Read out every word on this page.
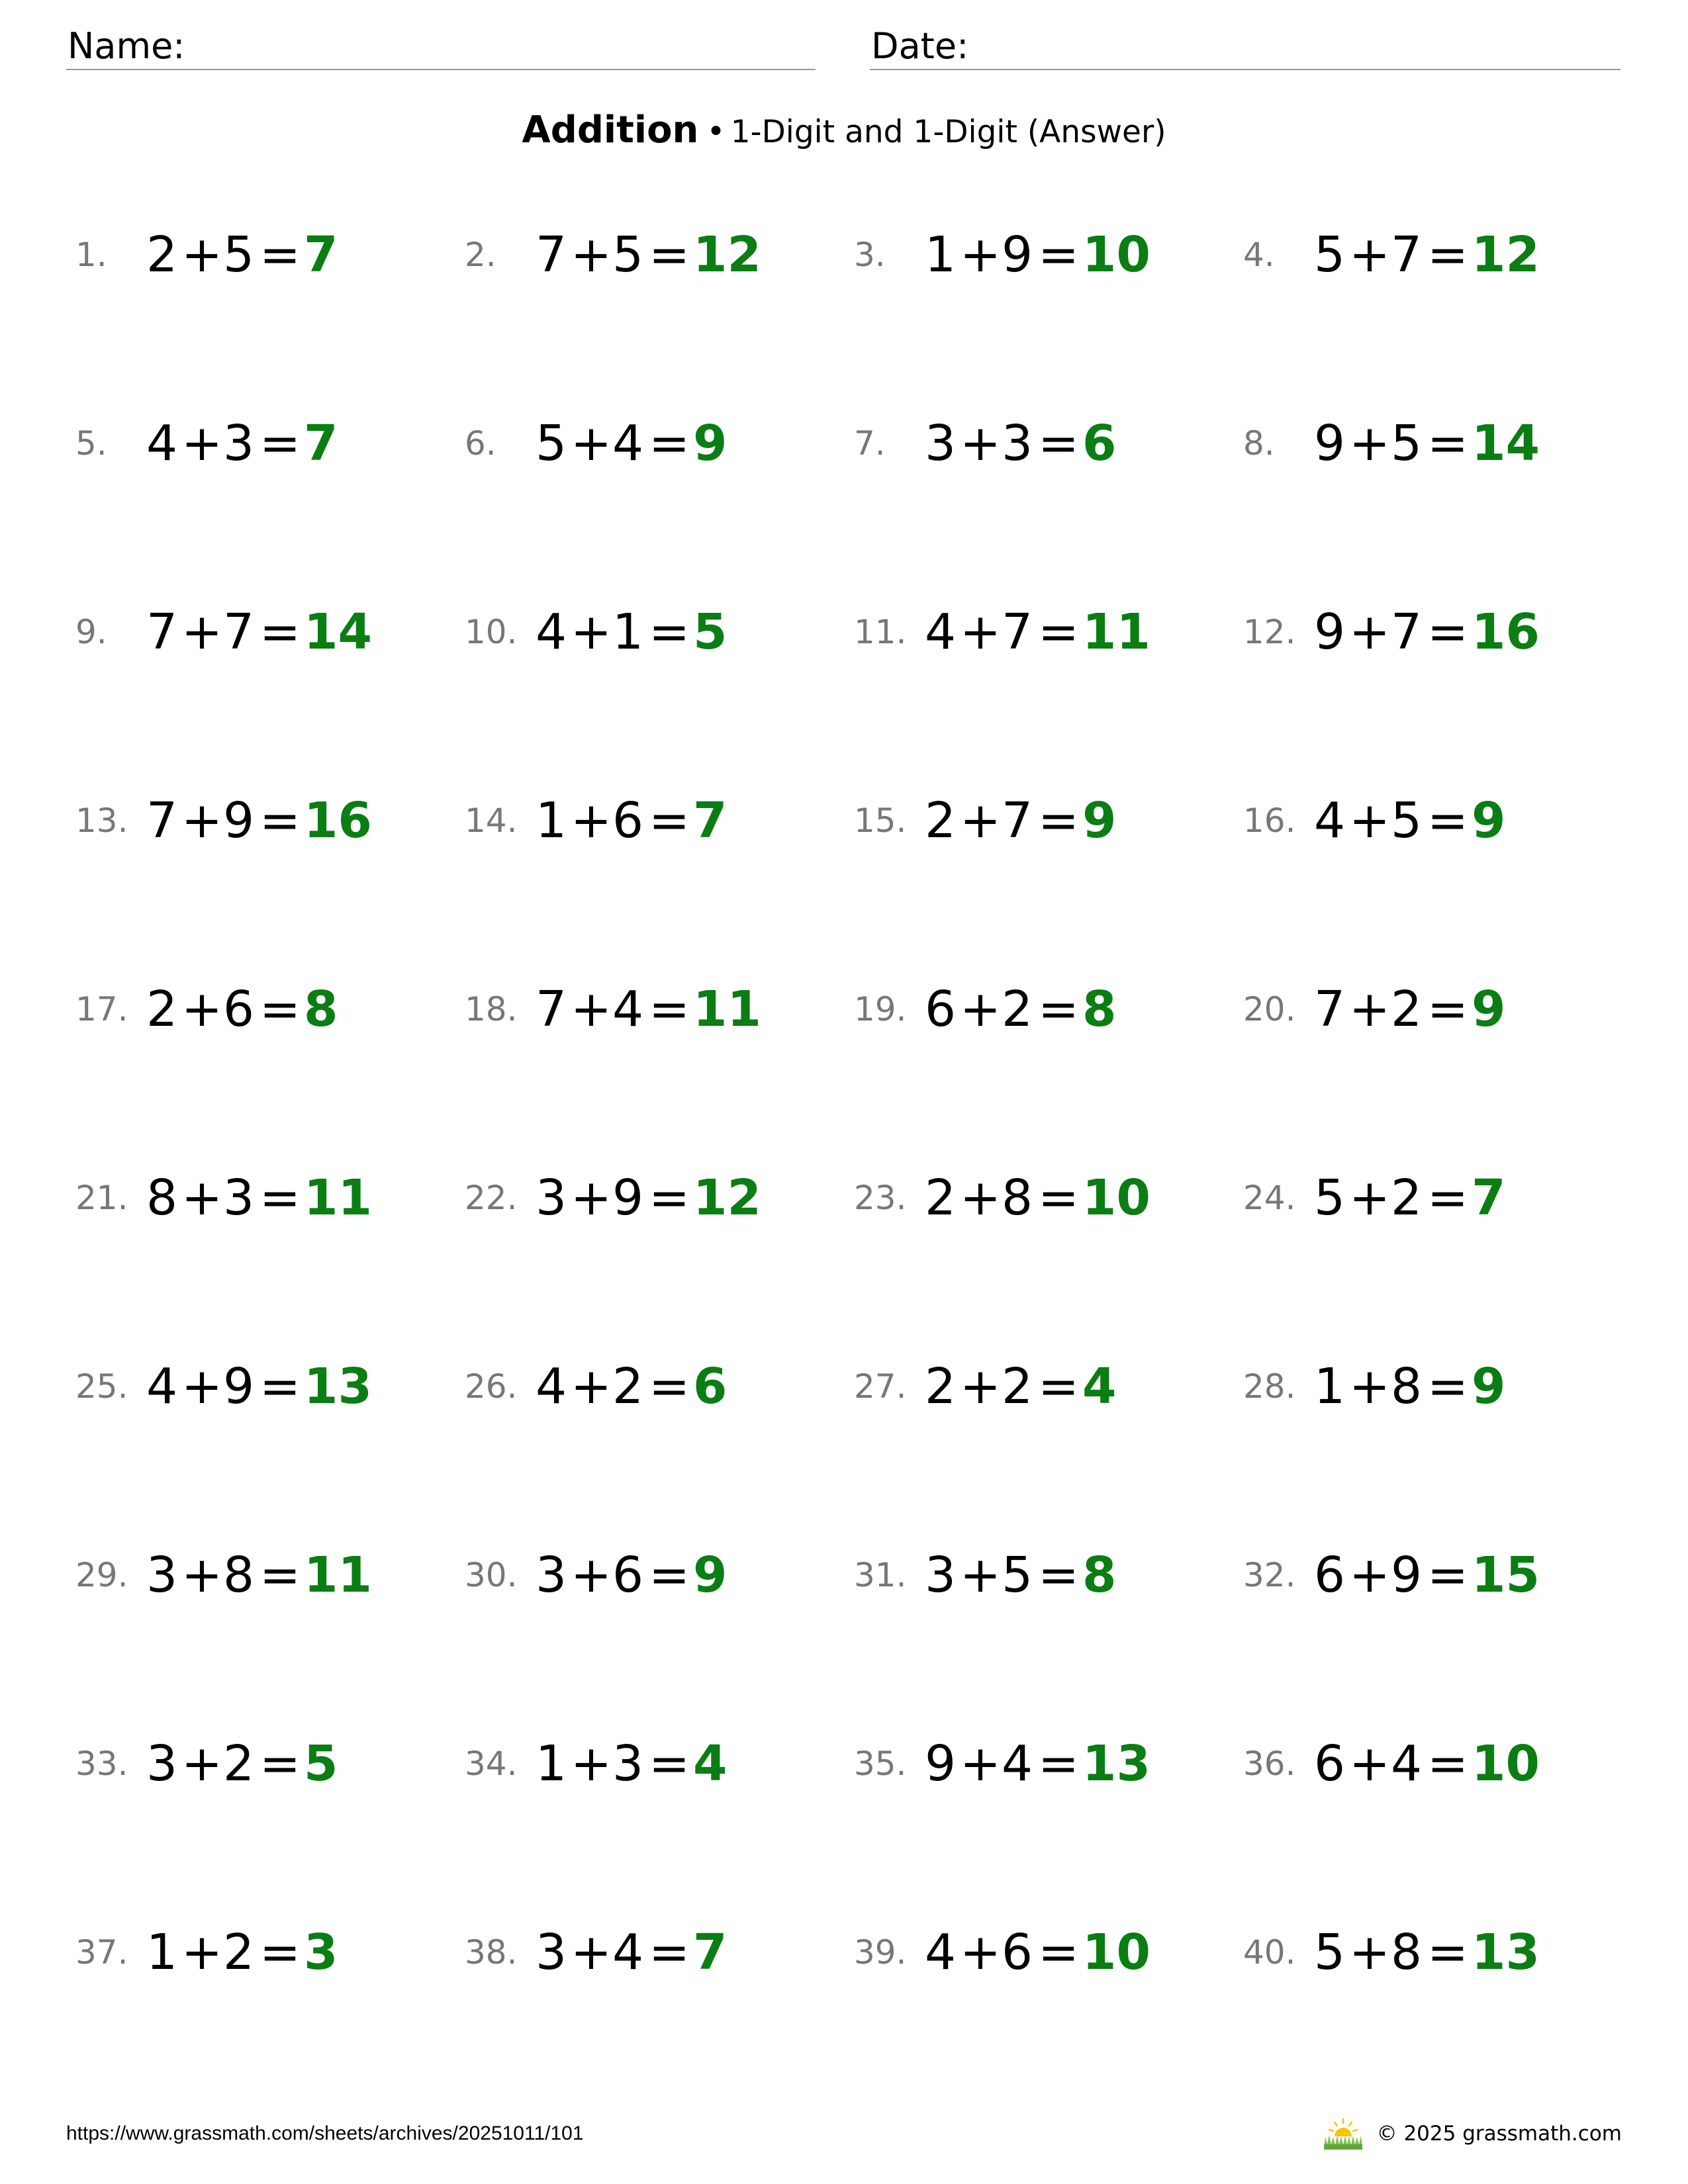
Name:	Date:
Addition • 1-Digit and 1-Digit (Answer)
1. 2+5 =7	2. 7+5 =12	3. 1+9 =10	4. 5+7 =12
5. 4+3 =7	6. 5+4 =9	7. 3+3 =6	8. 9+5 =14
9. 7+7 =14	10. 4+1 =5	11. 4+7 =11	12. 9+7 =16
13. 7+9 =16	14. 1+6 =7	15. 2+7 =9	16. 4+5 =9
17. 2+6 =8	18. 7+4 =11	19. 6+2 =8	20. 7+2 =9
21. 8+3 =11	22. 3+9 =12	23. 2+8 =10	24. 5+2 =7
25. 4+9 =13	26. 4+2 =6	27. 2+2 =4	28. 1+8 =9
29. 3+8 =11	30. 3+6 =9	31. 3+5 =8	32. 6+9 =15
33. 3+2 =5	34. 1+3 =4	35. 9+4 =13	36. 6+4 =10
37. 1+2 =3	38. 3+4 =7	39. 4+6 =10	40. 5+8 =13
https://www.grassmath.com/sheets/archives/20251011/101	© 2025 grassmath.com
